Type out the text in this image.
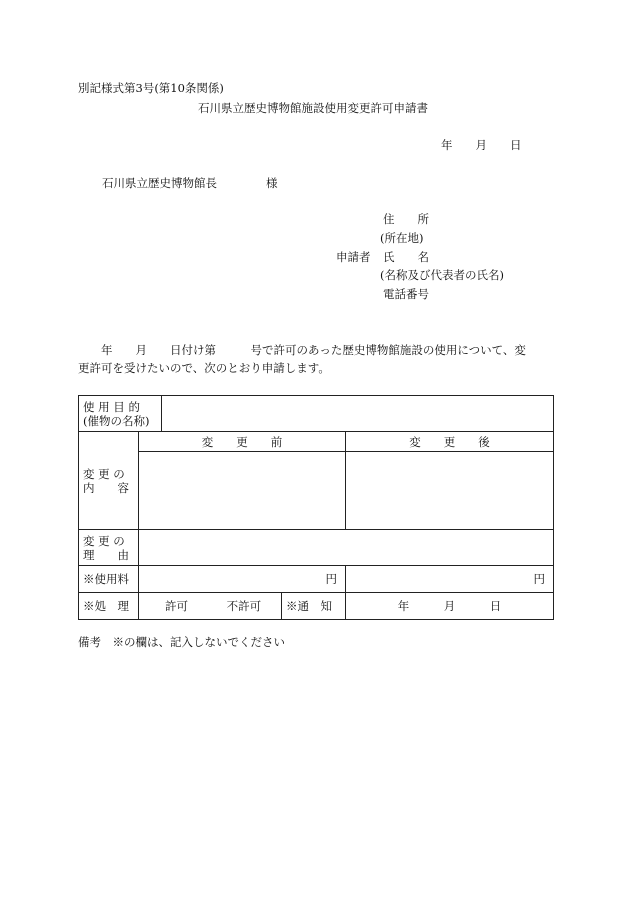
別記様式第3号(第10条関係)
石川県立歴史博物館施設使用変更許可申請書
年　　月　　日
石川県立歴史博物館長	様
住　　所
(所在地)
申請者 氏　　名
(名称及び代表者の氏名)
電話番号
　　年　　月　　日付け第　　　号で許可のあった歴史博物館施設の使用について、変
更許可を受けたいので、次のとおり申請します。
使 用 目 的
(催物の名称)				

変 更 の
内　　容	変　　更　　前			変　　更　　後

変 更 の
理　　由				

※使用料	円			円
※処　理	許可 不許可		※通　知	年　　　月　　　日
備考　※の欄は、記入しないでください
